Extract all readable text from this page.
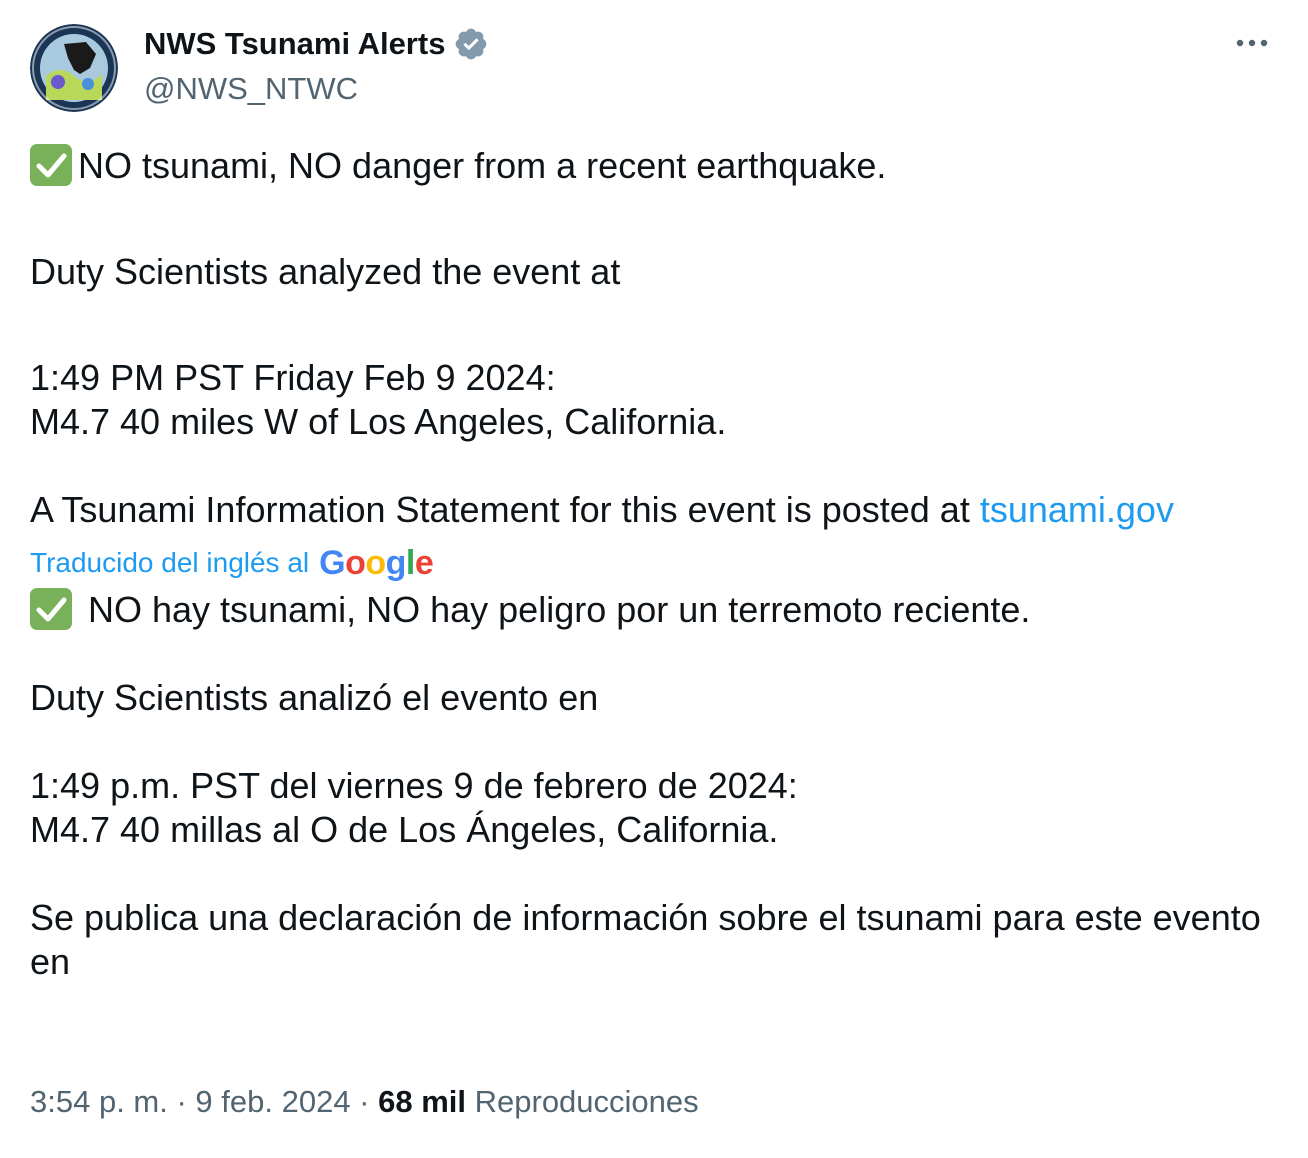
NWS Tsunami Alerts
@NWS_NTWC

NO tsunami, NO danger from a recent earthquake.

Duty Scientists analyzed the event at

1:49 PM PST Friday Feb 9 2024:

M4.7 40 miles W of Los Angeles, California.

A Tsunami Information Statement for this event is posted at tsunami.gov

Traducido del inglés al Google

NO hay tsunami, NO hay peligro por un terremoto reciente.

Duty Scientists analizó el evento en

1:49 p.m. PST del viernes 9 de febrero de 2024:

M4.7 40 millas al O de Los Ángeles, California.

Se publica una declaración de información sobre el tsunami para este evento en

3:54 p. m. · 9 feb. 2024 · 68 mil Reproducciones
